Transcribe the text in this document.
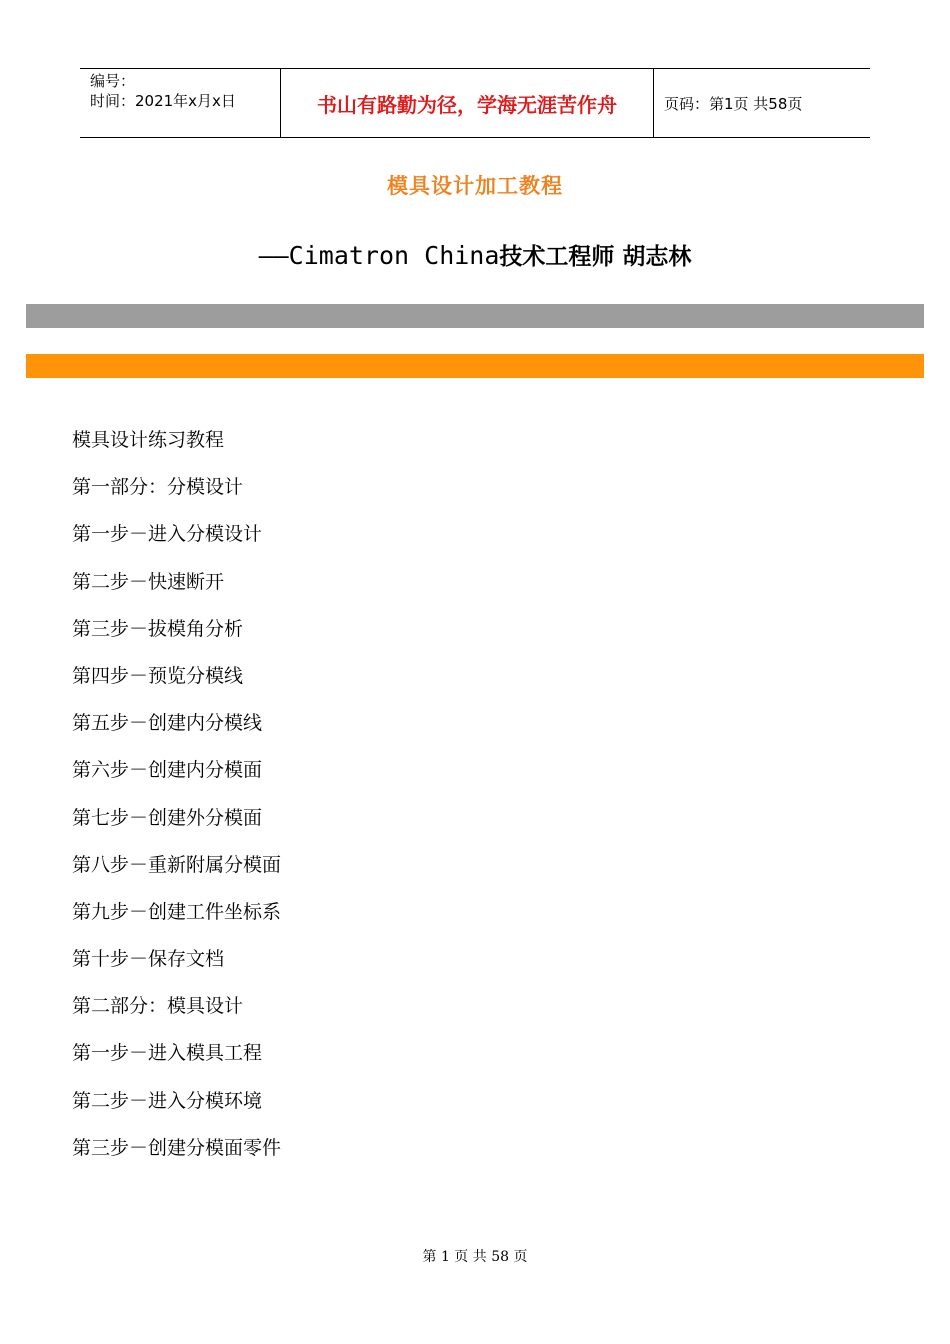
编号：
时间：2021年x月x日	书山有路勤为径，学海无涯苦作舟	页码：第1页 共58页
模具设计加工教程
——Cimatron China技术工程师 胡志林
模具设计练习教程
第一部分：分模设计
第一步－进入分模设计
第二步－快速断开
第三步－拔模角分析
第四步－预览分模线
第五步－创建内分模线
第六步－创建内分模面
第七步－创建外分模面
第八步－重新附属分模面
第九步－创建工件坐标系
第十步－保存文档
第二部分：模具设计
第一步－进入模具工程
第二步－进入分模环境
第三步－创建分模面零件
第 1 页 共 58 页
